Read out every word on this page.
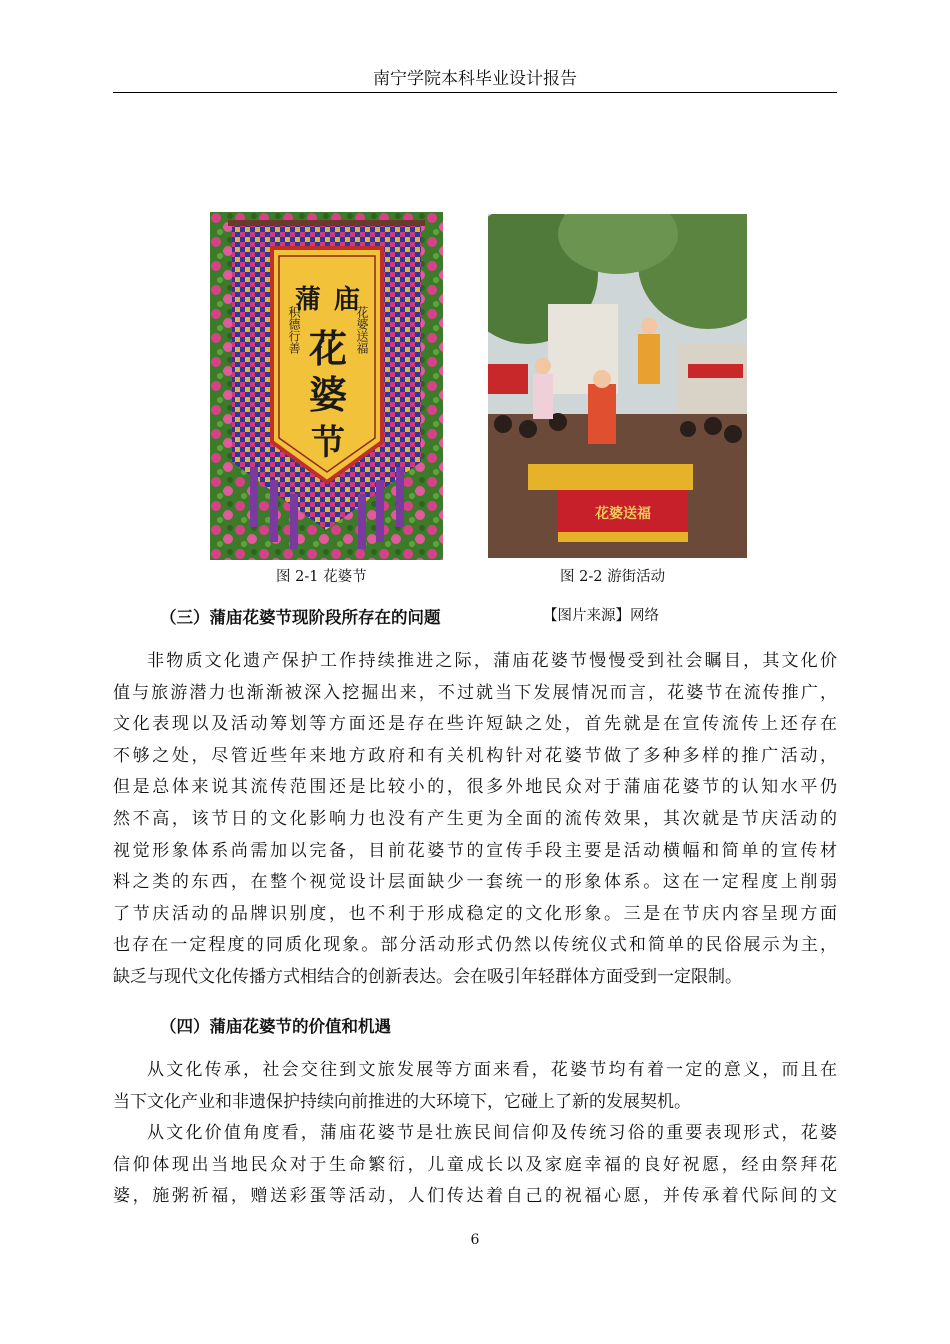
南宁学院本科毕业设计报告
蒲 庙
花
婆
节
积德行善	花婆送福
花婆送福
图 2-1 花婆节	图 2-2 游街活动
（三）蒲庙花婆节现阶段所存在的问题	【图片来源】网络
非物质文化遗产保护工作持续推进之际，蒲庙花婆节慢慢受到社会瞩目，其文化价
值与旅游潜力也渐渐被深入挖掘出来，不过就当下发展情况而言，花婆节在流传推广，
文化表现以及活动筹划等方面还是存在些许短缺之处，首先就是在宣传流传上还存在
不够之处，尽管近些年来地方政府和有关机构针对花婆节做了多种多样的推广活动，
但是总体来说其流传范围还是比较小的，很多外地民众对于蒲庙花婆节的认知水平仍
然不高，该节日的文化影响力也没有产生更为全面的流传效果，其次就是节庆活动的
视觉形象体系尚需加以完备，目前花婆节的宣传手段主要是活动横幅和简单的宣传材
料之类的东西，在整个视觉设计层面缺少一套统一的形象体系。这在一定程度上削弱
了节庆活动的品牌识别度，也不利于形成稳定的文化形象。三是在节庆内容呈现方面
也存在一定程度的同质化现象。部分活动形式仍然以传统仪式和简单的民俗展示为主，
缺乏与现代文化传播方式相结合的创新表达。会在吸引年轻群体方面受到一定限制。
（四）蒲庙花婆节的价值和机遇
从文化传承，社会交往到文旅发展等方面来看，花婆节均有着一定的意义，而且在
当下文化产业和非遗保护持续向前推进的大环境下，它碰上了新的发展契机。
从文化价值角度看，蒲庙花婆节是壮族民间信仰及传统习俗的重要表现形式，花婆
信仰体现出当地民众对于生命繁衍，儿童成长以及家庭幸福的良好祝愿，经由祭拜花
婆，施粥祈福，赠送彩蛋等活动，人们传达着自己的祝福心愿，并传承着代际间的文
6
